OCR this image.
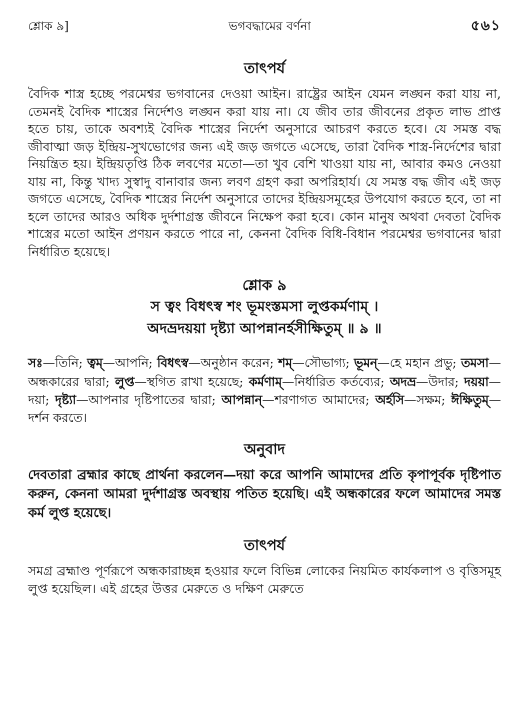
শ্লোক ৯]	ভগবদ্ধামের বর্ণনা	৫৬১
তাৎপর্য

বৈদিক শাস্ত্র হচ্ছে পরমেশ্বর ভগবানের দেওয়া আইন। রাষ্ট্রের আইন যেমন লঙ্ঘন করা যায় না, তেমনই বৈদিক শাস্ত্রের নির্দেশও লঙ্ঘন করা যায় না। যে জীব তার জীবনের প্রকৃত লাভ প্রাপ্ত হতে চায়, তাকে অবশ্যই বৈদিক শাস্ত্রের নির্দেশ অনুসারে আচরণ করতে হবে। যে সমস্ত বদ্ধ জীবাত্মা জড় ইন্দ্রিয়-সুখভোগের জন্য এই জড় জগতে এসেছে, তারা বৈদিক শাস্ত্র-নির্দেশের দ্বারা নিয়ন্ত্রিত হয়। ইন্দ্রিয়তৃপ্তি ঠিক লবণের মতো—তা খুব বেশি খাওয়া যায় না, আবার কমও নেওয়া যায় না, কিন্তু খাদ্য সুস্বাদু বানাবার জন্য লবণ গ্রহণ করা অপরিহার্য। যে সমস্ত বদ্ধ জীব এই জড় জগতে এসেছে, বৈদিক শাস্ত্রের নির্দেশ অনুসারে তাদের ইন্দ্রিয়সমূহের উপযোগ করতে হবে, তা না হলে তাদের আরও অধিক দুর্দশাগ্রস্ত জীবনে নিক্ষেপ করা হবে। কোন মানুষ অথবা দেবতা বৈদিক শাস্ত্রের মতো আইন প্রণয়ন করতে পারে না, কেননা বৈদিক বিধি-বিধান পরমেশ্বর ভগবানের দ্বারা নির্ধারিত হয়েছে।

শ্লোক ৯
স ত্বং বিধৎস্ব শং ভূমংস্তমসা লুপ্তকর্মণাম্ ।
অদভ্রদয়য়া দৃষ্ট্যা আপন্নানর্হসীক্ষিতুম্ ॥ ৯ ॥

সঃ—তিনি; ত্বম্—আপনি; বিধৎস্ব—অনুষ্ঠান করেন; শম্—সৌভাগ্য; ভূমন্—হে মহান প্রভু; তমসা—অন্ধকারের দ্বারা; লুপ্ত—স্থগিত রাখা হয়েছে; কর্মণাম্—নির্ধারিত কর্তব্যের; অদভ্র—উদার; দয়য়া—দয়া; দৃষ্ট্যা—আপনার দৃষ্টিপাতের দ্বারা; আপন্নান্—শরণাগত আমাদের; অর্হসি—সক্ষম; ঈক্ষিতুম্—দর্শন করতে।

অনুবাদ

দেবতারা ব্রহ্মার কাছে প্রার্থনা করলেন—দয়া করে আপনি আমাদের প্রতি কৃপাপূর্বক দৃষ্টিপাত করুন, কেননা আমরা দুর্দশাগ্রস্ত অবস্থায় পতিত হয়েছি। এই অন্ধকারের ফলে আমাদের সমস্ত কর্ম লুপ্ত হয়েছে।

তাৎপর্য

সমগ্র ব্রহ্মাণ্ড পূর্ণরূপে অন্ধকারাচ্ছন্ন হওয়ার ফলে বিভিন্ন লোকের নিয়মিত কার্যকলাপ ও বৃত্তিসমূহ লুপ্ত হয়েছিল। এই গ্রহের উত্তর মেরুতে ও দক্ষিণ মেরুতে
